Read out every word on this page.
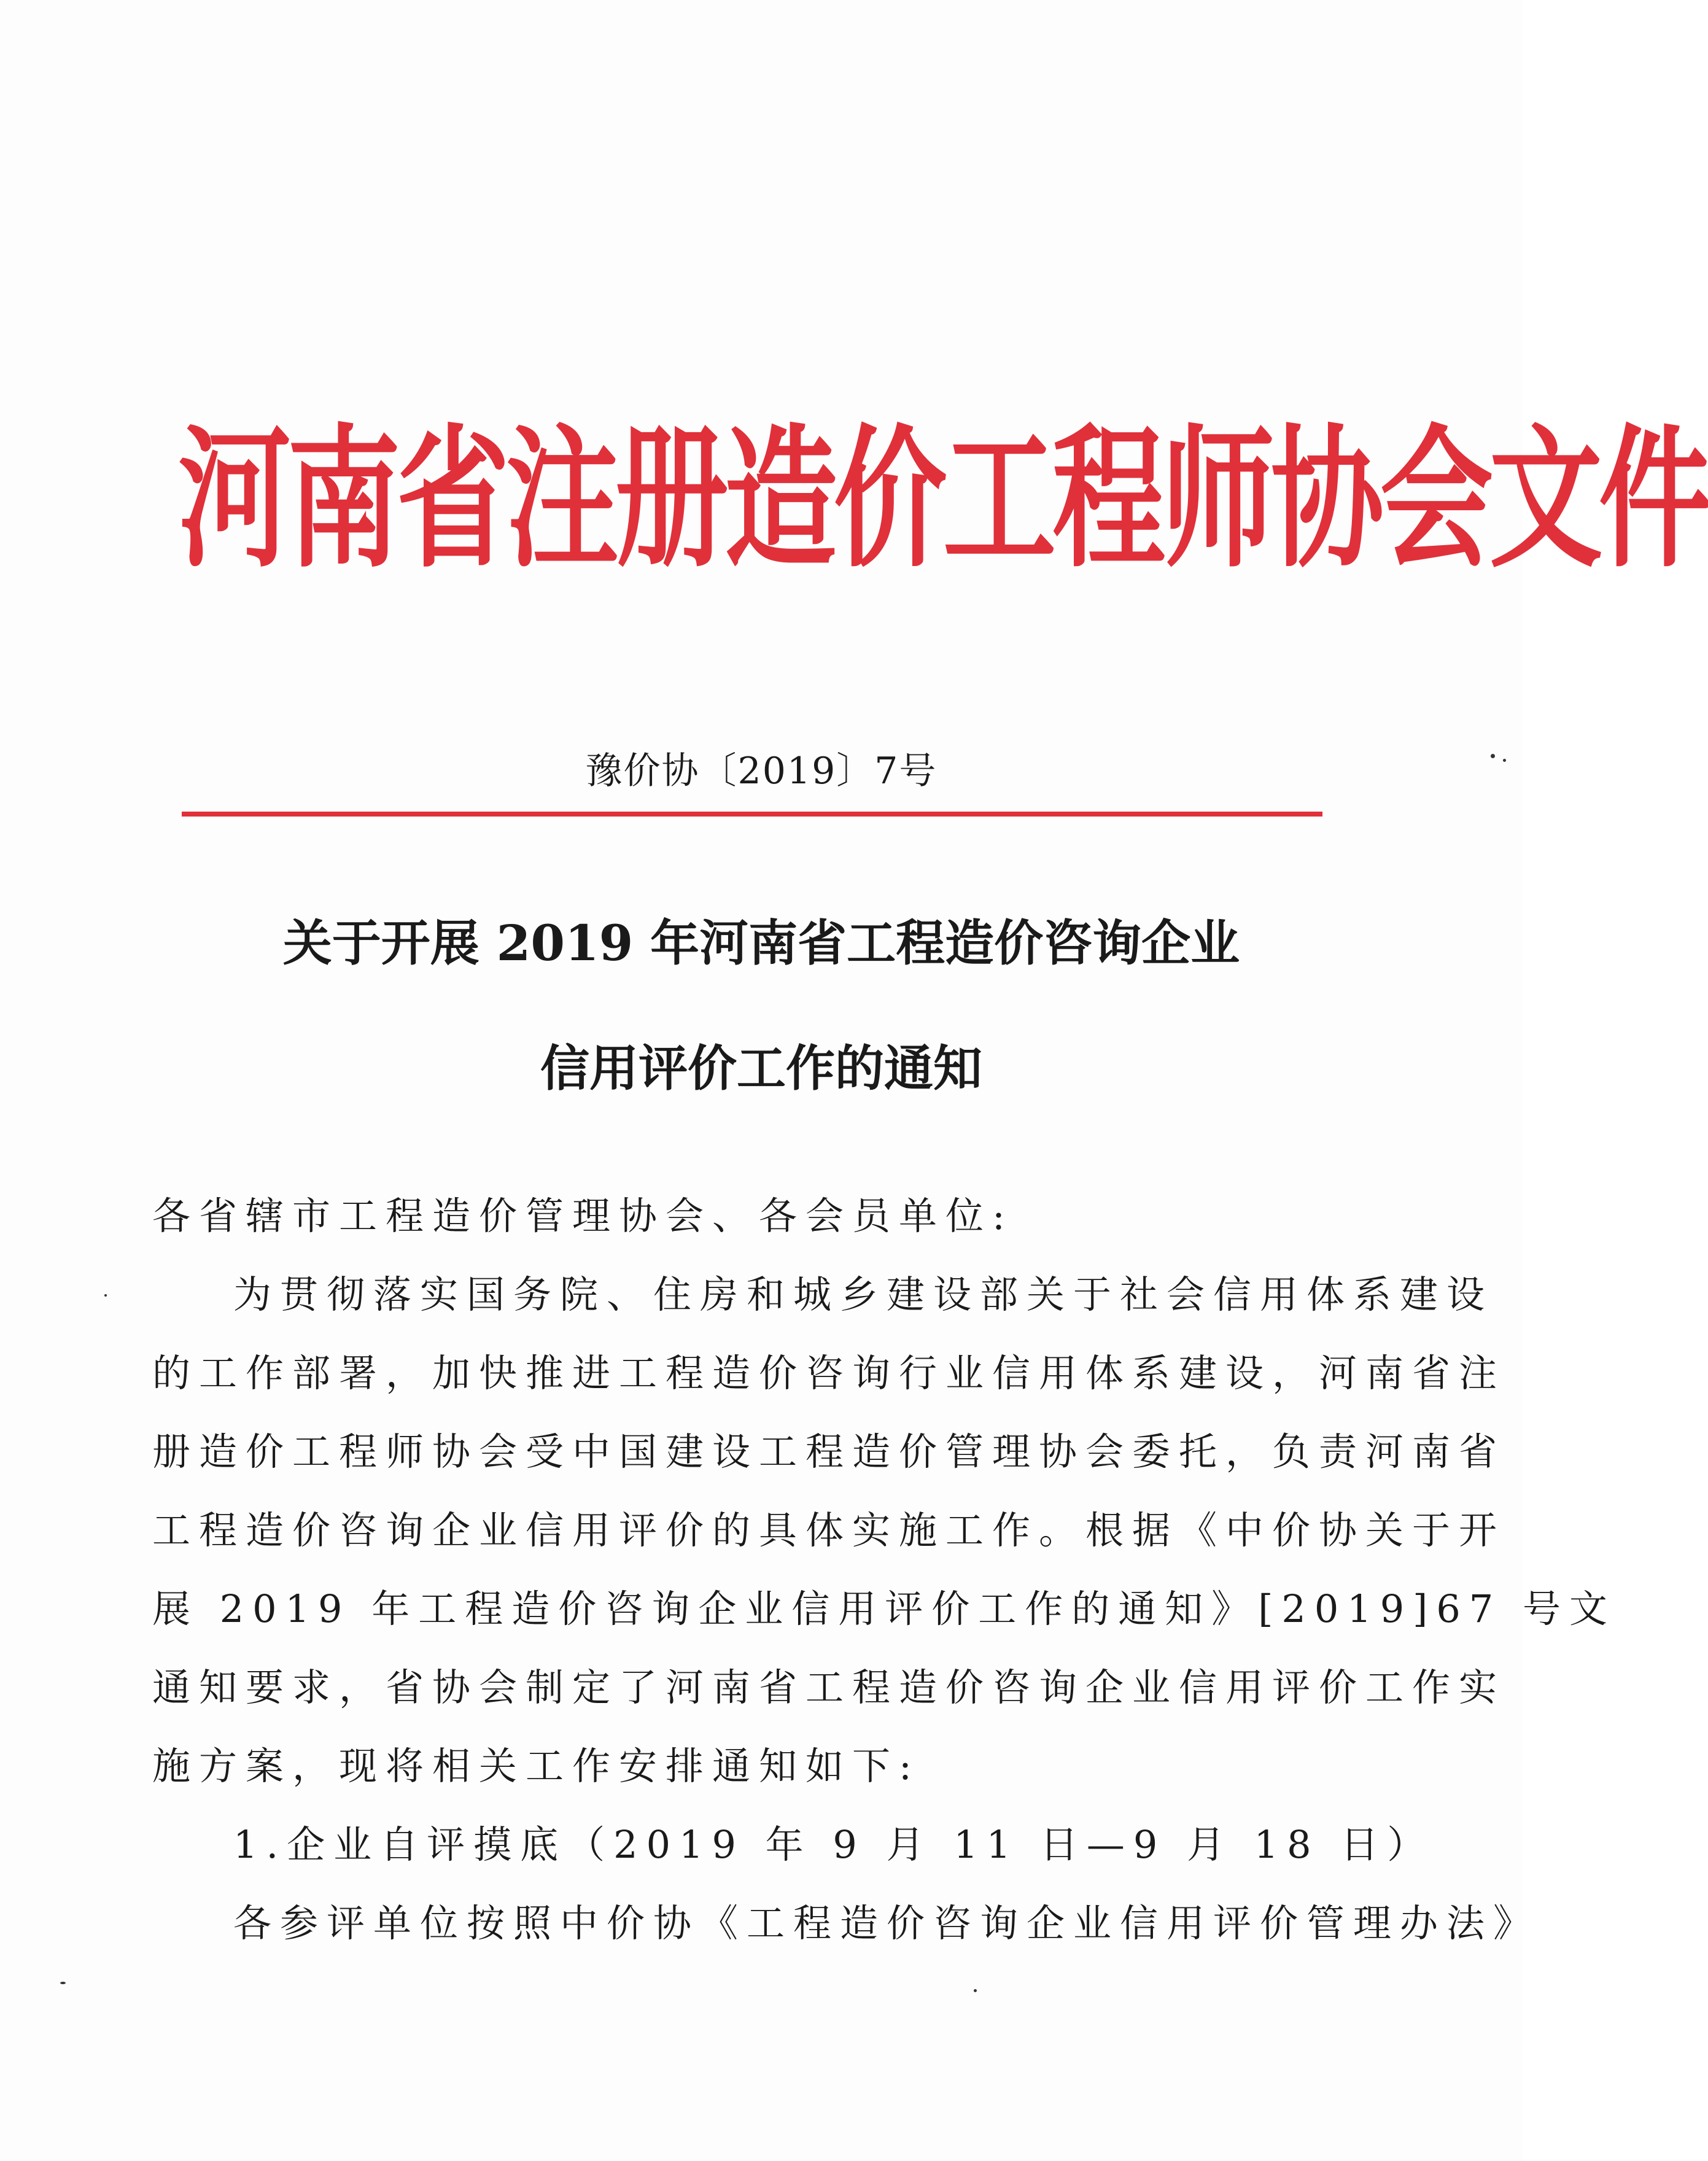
河南省注册造价工程师协会文件
豫价协〔2019〕7号
关于开展 2019 年河南省工程造价咨询企业
信用评价工作的通知
各省辖市工程造价管理协会、各会员单位:
为贯彻落实国务院、住房和城乡建设部关于社会信用体系建设
的工作部署，加快推进工程造价咨询行业信用体系建设，河南省注
册造价工程师协会受中国建设工程造价管理协会委托，负责河南省
工程造价咨询企业信用评价的具体实施工作。根据《中价协关于开
展 2019 年工程造价咨询企业信用评价工作的通知》[2019]67 号文
通知要求，省协会制定了河南省工程造价咨询企业信用评价工作实
施方案，现将相关工作安排通知如下:
1.企业自评摸底（2019 年 9 月 11 日—9 月 18 日）
各参评单位按照中价协《工程造价咨询企业信用评价管理办法》
